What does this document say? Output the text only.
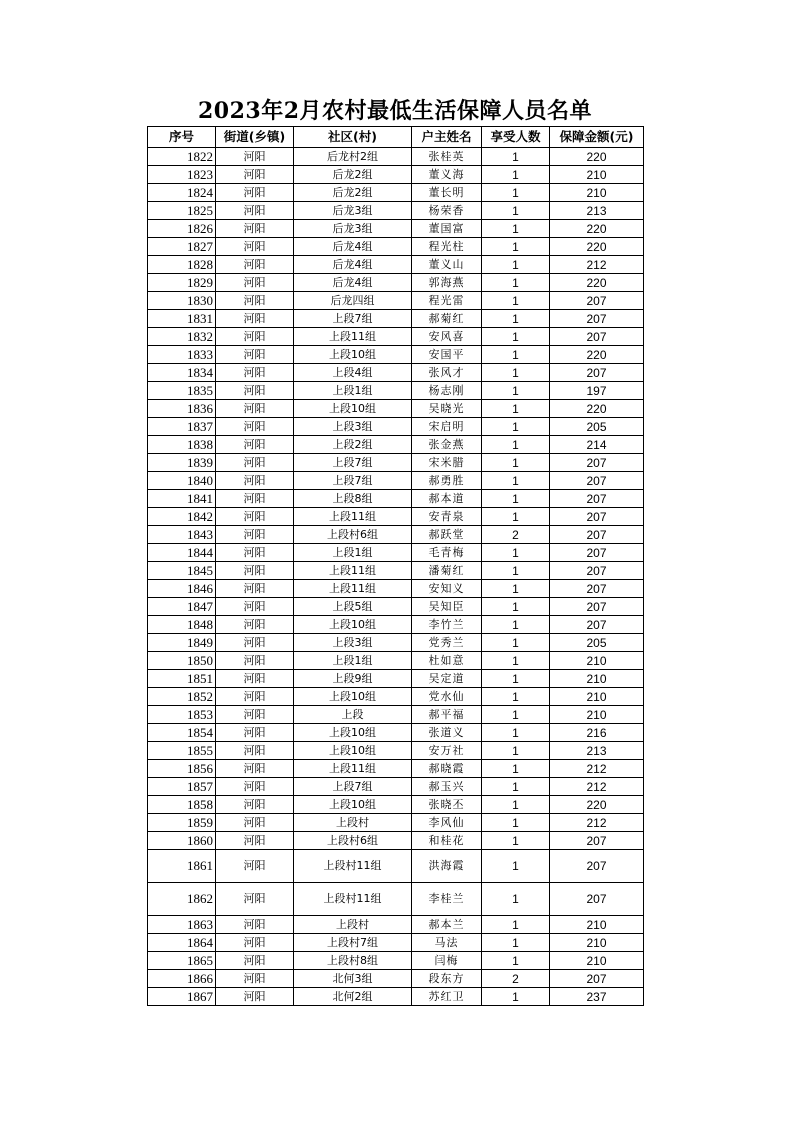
2023年2月农村最低生活保障人员名单
序号	街道(乡镇)	社区(村)	户主姓名	享受人数	保障金额(元)
1822	河阳	后龙村2组	张桂英	1	220
1823	河阳	后龙2组	董义海	1	210
1824	河阳	后龙2组	董长明	1	210
1825	河阳	后龙3组	杨荣香	1	213
1826	河阳	后龙3组	董国富	1	220
1827	河阳	后龙4组	程光柱	1	220
1828	河阳	后龙4组	董义山	1	212
1829	河阳	后龙4组	郭海燕	1	220
1830	河阳	后龙四组	程光雷	1	207
1831	河阳	上段7组	郝菊红	1	207
1832	河阳	上段11组	安风喜	1	207
1833	河阳	上段10组	安国平	1	220
1834	河阳	上段4组	张风才	1	207
1835	河阳	上段1组	杨志刚	1	197
1836	河阳	上段10组	吴晓光	1	220
1837	河阳	上段3组	宋启明	1	205
1838	河阳	上段2组	张金燕	1	214
1839	河阳	上段7组	宋米腊	1	207
1840	河阳	上段7组	郝勇胜	1	207
1841	河阳	上段8组	郝本道	1	207
1842	河阳	上段11组	安青泉	1	207
1843	河阳	上段村6组	郝跃堂	2	207
1844	河阳	上段1组	毛青梅	1	207
1845	河阳	上段11组	潘菊红	1	207
1846	河阳	上段11组	安知义	1	207
1847	河阳	上段5组	吴知臣	1	207
1848	河阳	上段10组	李竹兰	1	207
1849	河阳	上段3组	党秀兰	1	205
1850	河阳	上段1组	杜如意	1	210
1851	河阳	上段9组	吴定道	1	210
1852	河阳	上段10组	党水仙	1	210
1853	河阳	上段	郝平福	1	210
1854	河阳	上段10组	张道义	1	216
1855	河阳	上段10组	安万社	1	213
1856	河阳	上段11组	郝晓霞	1	212
1857	河阳	上段7组	郝玉兴	1	212
1858	河阳	上段10组	张晓丕	1	220
1859	河阳	上段村	李风仙	1	212
1860	河阳	上段村6组	和桂花	1	207
1861	河阳	上段村11组	洪海霞	1	207
1862	河阳	上段村11组	李桂兰	1	207
1863	河阳	上段村	郝本兰	1	210
1864	河阳	上段村7组	马法	1	210
1865	河阳	上段村8组	闫梅	1	210
1866	河阳	北何3组	段东方	2	207
1867	河阳	北何2组	苏红卫	1	237
